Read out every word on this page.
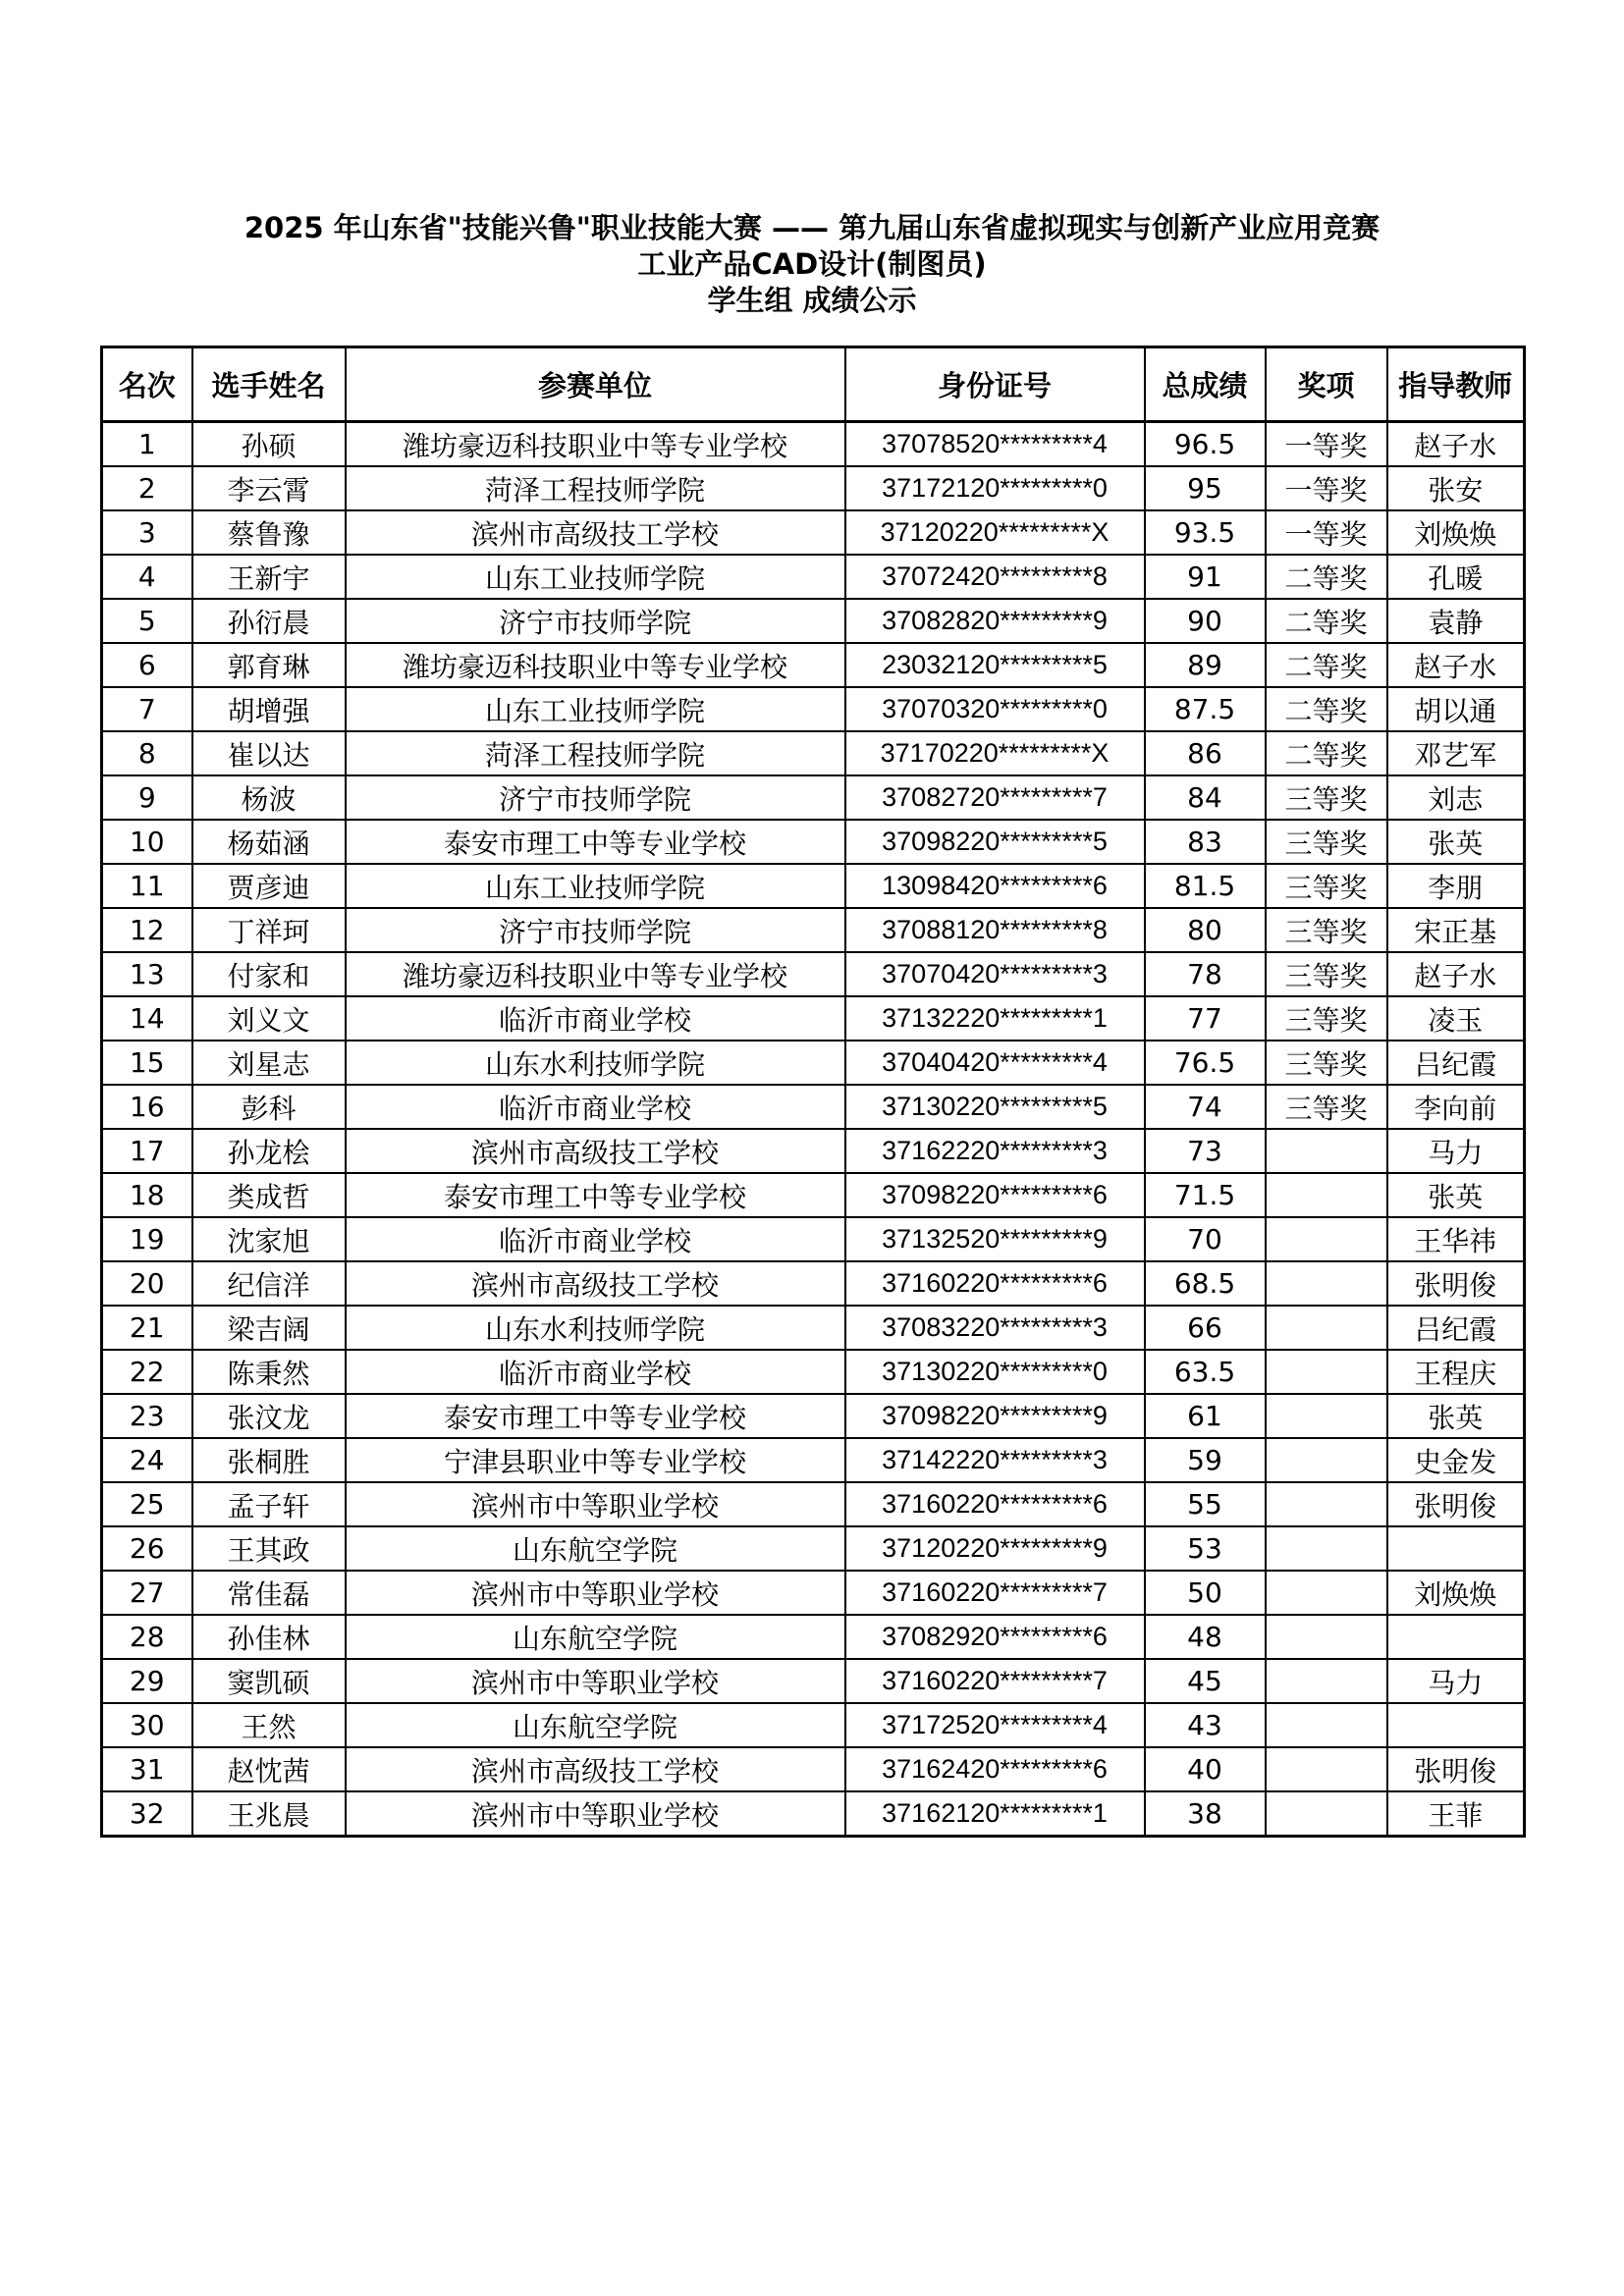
2025 年山东省"技能兴鲁"职业技能大赛 —— 第九届山东省虚拟现实与创新产业应用竞赛
工业产品CAD设计(制图员)
学生组 成绩公示
名次	选手姓名	参赛单位	身份证号	总成绩	奖项	指导教师
1	孙硕	潍坊豪迈科技职业中等专业学校	37078520*********4	96.5	一等奖	赵子水
2	李云霄	菏泽工程技师学院	37172120*********0	95	一等奖	张安
3	蔡鲁豫	滨州市高级技工学校	37120220*********X	93.5	一等奖	刘焕焕
4	王新宇	山东工业技师学院	37072420*********8	91	二等奖	孔暖
5	孙衍晨	济宁市技师学院	37082820*********9	90	二等奖	袁静
6	郭育琳	潍坊豪迈科技职业中等专业学校	23032120*********5	89	二等奖	赵子水
7	胡增强	山东工业技师学院	37070320*********0	87.5	二等奖	胡以通
8	崔以达	菏泽工程技师学院	37170220*********X	86	二等奖	邓艺军
9	杨波	济宁市技师学院	37082720*********7	84	三等奖	刘志
10	杨茹涵	泰安市理工中等专业学校	37098220*********5	83	三等奖	张英
11	贾彦迪	山东工业技师学院	13098420*********6	81.5	三等奖	李朋
12	丁祥珂	济宁市技师学院	37088120*********8	80	三等奖	宋正基
13	付家和	潍坊豪迈科技职业中等专业学校	37070420*********3	78	三等奖	赵子水
14	刘义文	临沂市商业学校	37132220*********1	77	三等奖	凌玉
15	刘星志	山东水利技师学院	37040420*********4	76.5	三等奖	吕纪霞
16	彭科	临沂市商业学校	37130220*********5	74	三等奖	李向前
17	孙龙桧	滨州市高级技工学校	37162220*********3	73		马力
18	类成哲	泰安市理工中等专业学校	37098220*********6	71.5		张英
19	沈家旭	临沂市商业学校	37132520*********9	70		王华祎
20	纪信洋	滨州市高级技工学校	37160220*********6	68.5		张明俊
21	梁吉阔	山东水利技师学院	37083220*********3	66		吕纪霞
22	陈秉然	临沂市商业学校	37130220*********0	63.5		王程庆
23	张汶龙	泰安市理工中等专业学校	37098220*********9	61		张英
24	张桐胜	宁津县职业中等专业学校	37142220*********3	59		史金发
25	孟子轩	滨州市中等职业学校	37160220*********6	55		张明俊
26	王其政	山东航空学院	37120220*********9	53		
27	常佳磊	滨州市中等职业学校	37160220*********7	50		刘焕焕
28	孙佳林	山东航空学院	37082920*********6	48		
29	窦凯硕	滨州市中等职业学校	37160220*********7	45		马力
30	王然	山东航空学院	37172520*********4	43		
31	赵忱茜	滨州市高级技工学校	37162420*********6	40		张明俊
32	王兆晨	滨州市中等职业学校	37162120*********1	38		王菲
